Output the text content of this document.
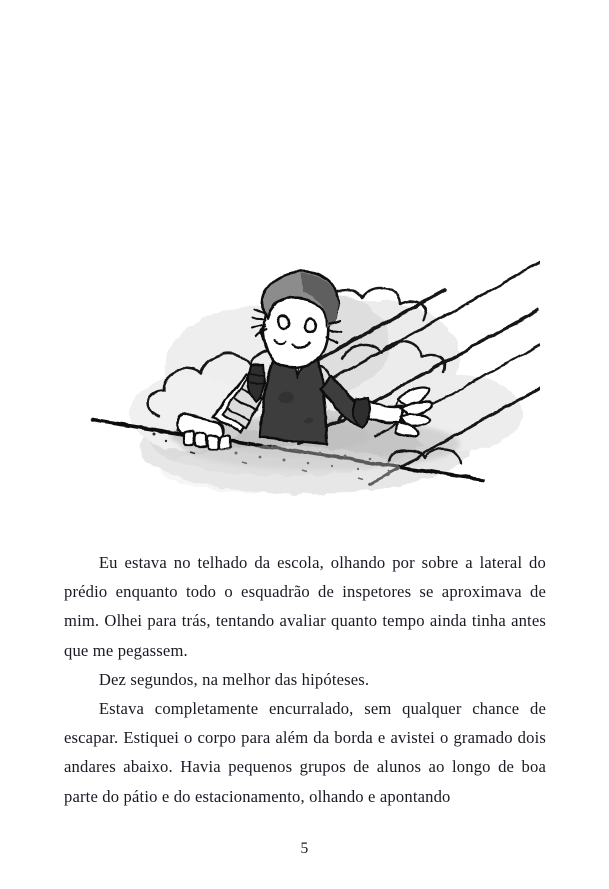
Eu estava no telhado da escola, olhando por sobre a lateral do prédio enquanto todo o esquadrão de inspetores se aproximava de mim. Olhei para trás, tentando avaliar quanto tempo ainda tinha antes que me pegassem.

Dez segundos, na melhor das hipóteses.

Estava completamente encurralado, sem qualquer chance de escapar. Estiquei o corpo para além da borda e avistei o gramado dois andares abaixo. Havia pequenos grupos de alunos ao longo de boa parte do pátio e do estacionamento, olhando e apontando

5
